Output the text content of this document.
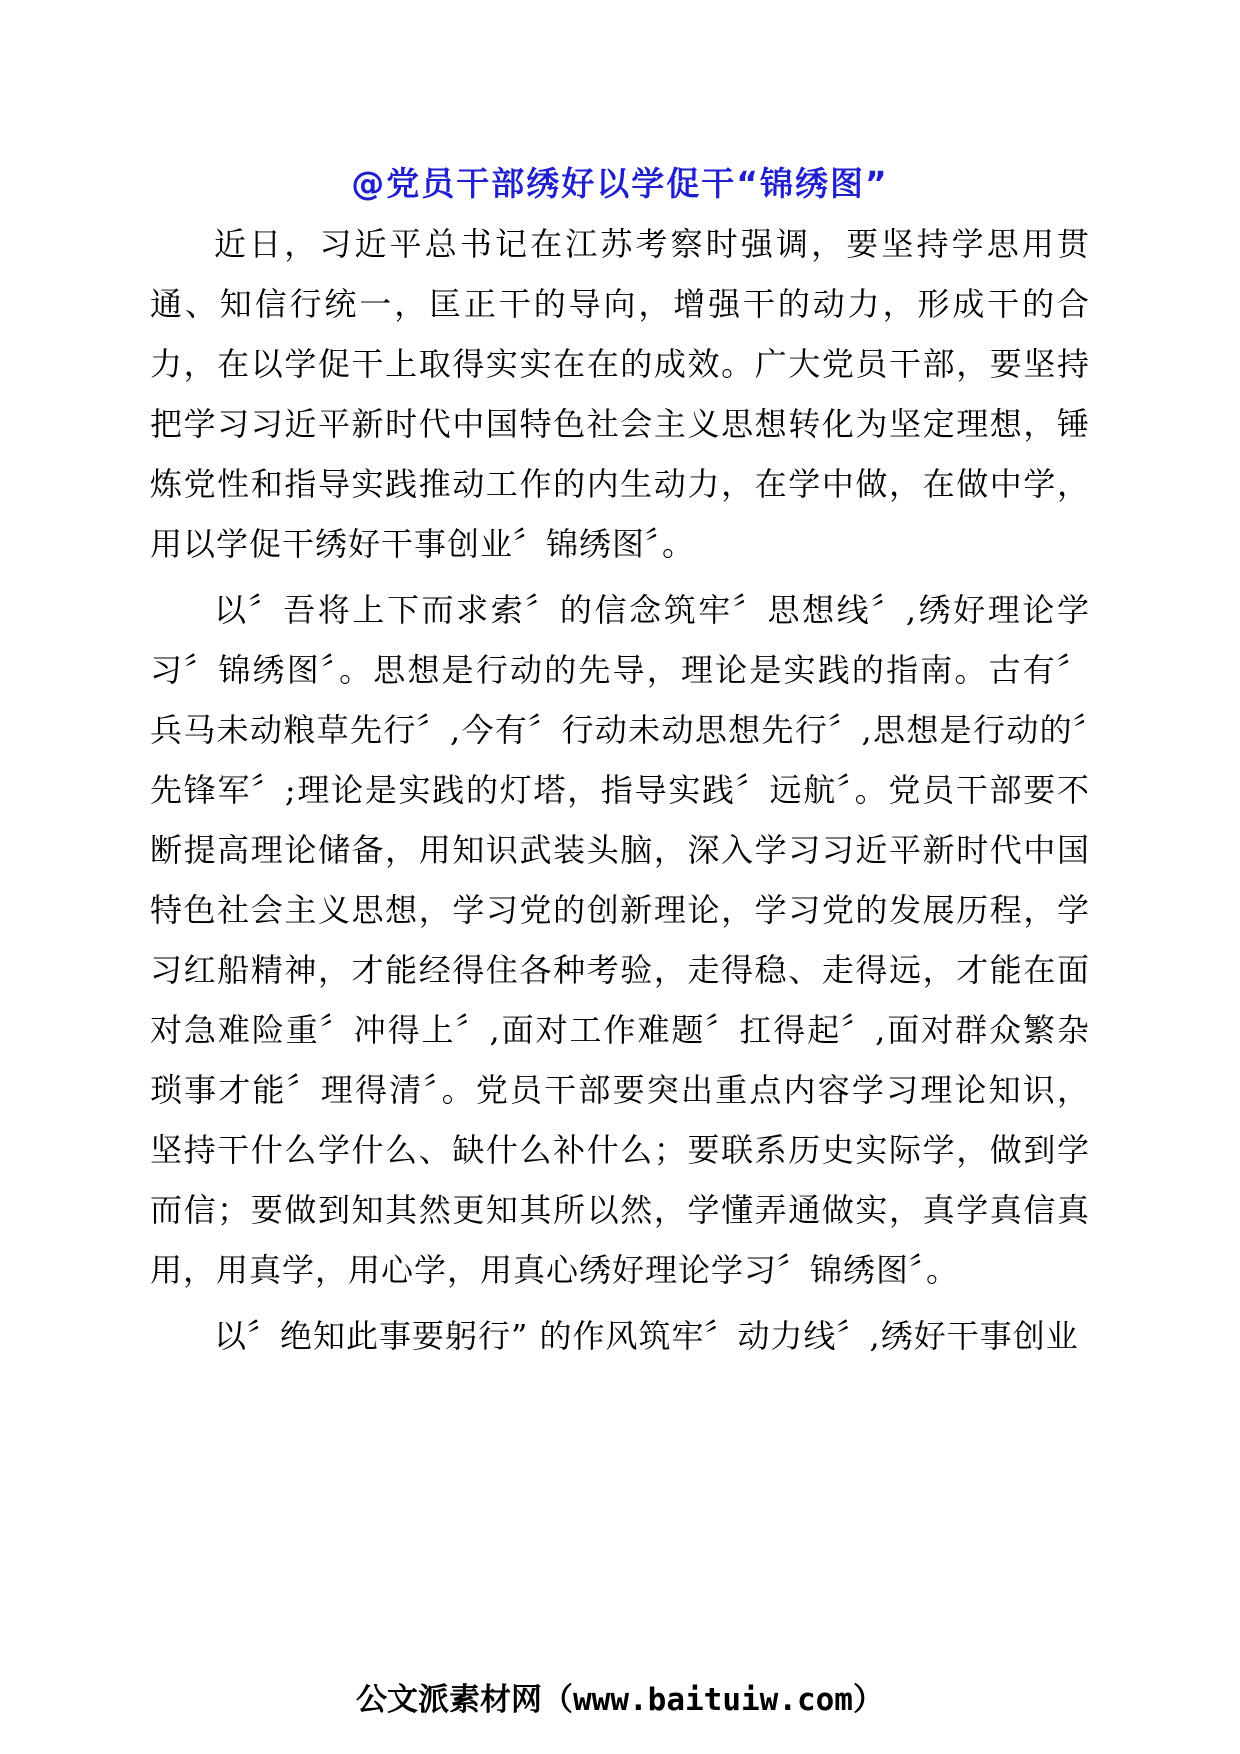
@党员干部绣好以学促干“锦绣图”

近日，习近平总书记在江苏考察时强调，要坚持学思用贯通、知信行统一，匡正干的导向，增强干的动力，形成干的合力，在以学促干上取得实实在在的成效。广大党员干部，要坚持把学习习近平新时代中国特色社会主义思想转化为坚定理想，锤炼党性和指导实践推动工作的内生动力，在学中做，在做中学，用以学促干绣好干事创业〞锦绣图〞。

以〞吾将上下而求索〞的信念筑牢〞思想线〞,绣好理论学习〞锦绣图〞。思想是行动的先导，理论是实践的指南。古有〞兵马未动粮草先行〞,今有〞行动未动思想先行〞,思想是行动的〞先锋军〞;理论是实践的灯塔，指导实践〞远航〞。党员干部要不断提高理论储备，用知识武装头脑，深入学习习近平新时代中国特色社会主义思想，学习党的创新理论，学习党的发展历程，学习红船精神，才能经得住各种考验，走得稳、走得远，才能在面对急难险重〞冲得上〞,面对工作难题〞扛得起〞,面对群众繁杂琐事才能〞理得清〞。党员干部要突出重点内容学习理论知识，坚持干什么学什么、缺什么补什么；要联系历史实际学，做到学而信；要做到知其然更知其所以然，学懂弄通做实，真学真信真用，用真学，用心学，用真心绣好理论学习〞锦绣图〞。

以〞绝知此事要躬行” 的作风筑牢〞动力线〞,绣好干事创业

公文派素材网（www.baituiw.com）
